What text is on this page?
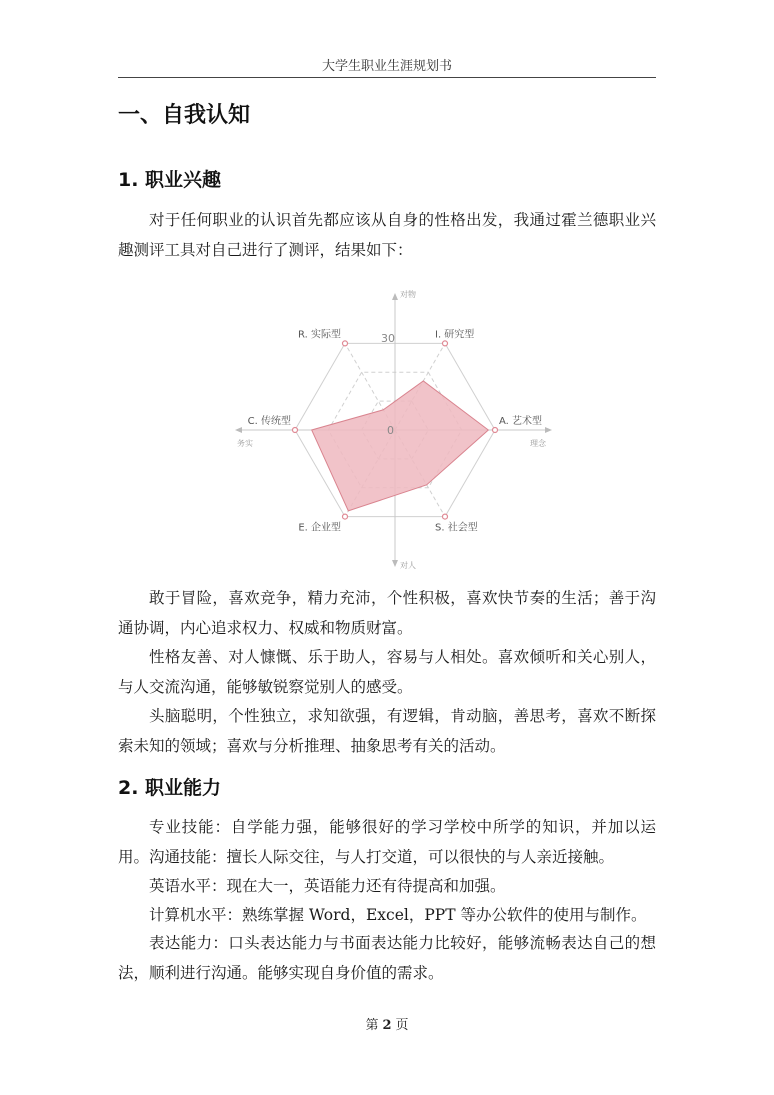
大学生职业生涯规划书
一、自我认知
1. 职业兴趣
对于任何职业的认识首先都应该从自身的性格出发，我通过霍兰德职业兴趣测评工具对自己进行了测评，结果如下：
I. 研究型
A. 艺术型
S. 社会型
E. 企业型
C. 传统型
R. 实际型
0
30
对物
对人
务实	理念
敢于冒险，喜欢竞争，精力充沛，个性积极，喜欢快节奏的生活；善于沟通协调，内心追求权力、权威和物质财富。
性格友善、对人慷慨、乐于助人，容易与人相处。喜欢倾听和关心别人，与人交流沟通，能够敏锐察觉别人的感受。
头脑聪明，个性独立，求知欲强，有逻辑，肯动脑，善思考，喜欢不断探索未知的领域；喜欢与分析推理、抽象思考有关的活动。
2. 职业能力
专业技能：自学能力强，能够很好的学习学校中所学的知识，并加以运用。 沟通技能：擅长人际交往，与人打交道，可以很快的与人亲近接触。
英语水平：现在大一，英语能力还有待提高和加强。
计算机水平：熟练掌握 Word，Excel，PPT 等办公软件的使用与制作。
表达能力：口头表达能力与书面表达能力比较好，能够流畅表达自己的想法，顺利进行沟通。能够实现自身价值的需求。
第 2 页
